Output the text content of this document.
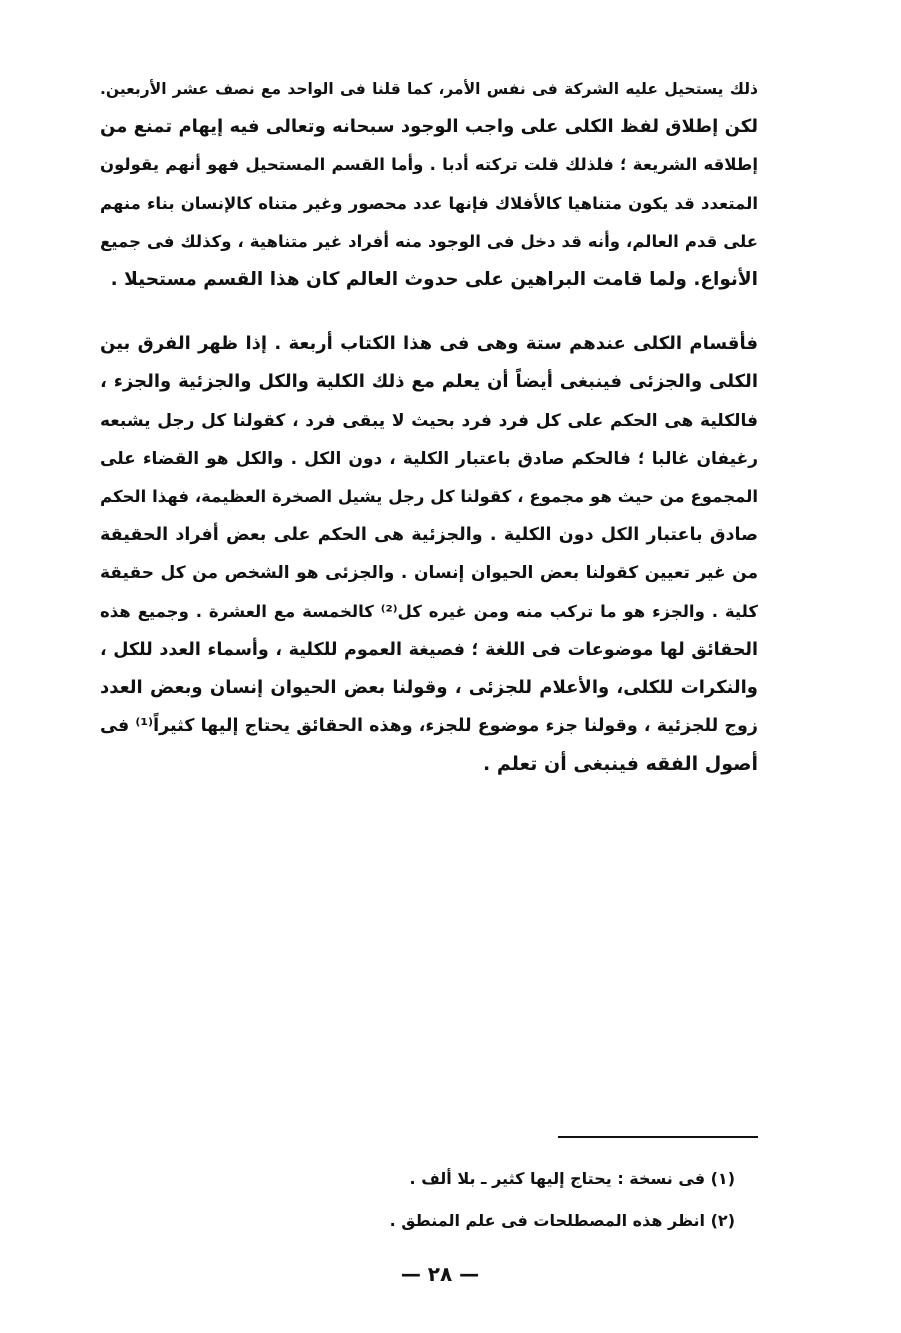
ذلك يستحيل عليه الشركة فى نفس الأمر، كما قلنا فى الواحد مع نصف عشر الأربعين.
لكن إطلاق لفظ الكلى على واجب الوجود سبحانه وتعالى فيه إيهام تمنع من
إطلاقه الشريعة ؛ فلذلك قلت تركته أدبا . وأما القسم المستحيل فهو أنهم يقولون
المتعدد قد يكون متناهيا كالأفلاك فإنها عدد محصور وغير متناه كالإنسان بناء منهم
على قدم العالم، وأنه قد دخل فى الوجود منه أفراد غير متناهية ، وكذلك فى جميع
الأنواع. ولما قامت البراهين على حدوث العالم كان هذا القسم مستحيلا .
فأقسام الكلى عندهم ستة وهى فى هذا الكتاب أربعة . إذا ظهر الفرق بين
الكلى والجزئى فينبغى أيضاً أن يعلم مع ذلك الكلية والكل والجزئية والجزء ،
فالكلية هى الحكم على كل فرد فرد بحيث لا يبقى فرد ، كقولنا كل رجل يشبعه
رغيفان غالبا ؛ فالحكم صادق باعتبار الكلية ، دون الكل . والكل هو القضاء على
المجموع من حيث هو مجموع ، كقولنا كل رجل يشيل الصخرة العظيمة، فهذا الحكم
صادق باعتبار الكل دون الكلية . والجزئية هى الحكم على بعض أفراد الحقيقة
من غير تعيين كقولنا بعض الحيوان إنسان . والجزئى هو الشخص من كل حقيقة
كلية . والجزء هو ما تركب منه ومن غيره كل⁽²⁾ كالخمسة مع العشرة . وجميع هذه
الحقائق لها موضوعات فى اللغة ؛ فصيغة العموم للكلية ، وأسماء العدد للكل ،
والنكرات للكلى، والأعلام للجزئى ، وقولنا بعض الحيوان إنسان وبعض العدد
زوج للجزئية ، وقولنا جزء موضوع للجزء، وهذه الحقائق يحتاج إليها كثيراً⁽¹⁾ فى
أصول الفقه فينبغى أن تعلم .
(١) فى نسخة : يحتاج إليها كثير ـ بلا ألف .
(٢) انظر هذه المصطلحات فى علم المنطق .
— ٢٨ —
